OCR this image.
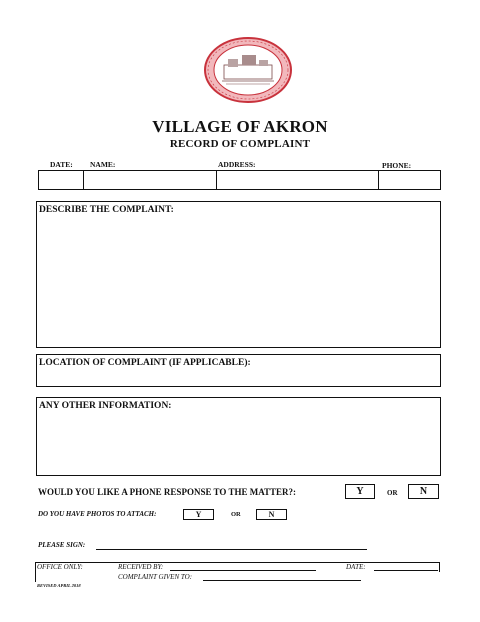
VILLAGE OF AKRON
RECORD OF COMPLAINT
DATE: NAME:	ADDRESS:	PHONE:
DESCRIBE THE COMPLAINT:
LOCATION OF COMPLAINT (IF APPLICABLE):
ANY OTHER INFORMATION:
WOULD YOU LIKE A PHONE RESPONSE TO THE MATTER?:	Y	OR	N
DO YOU HAVE PHOTOS TO ATTACH:	Y	OR	N
PLEASE SIGN:
OFFICE ONLY:	RECEIVED BY:	DATE:
COMPLAINT GIVEN TO:
REVISED APRIL 2018
